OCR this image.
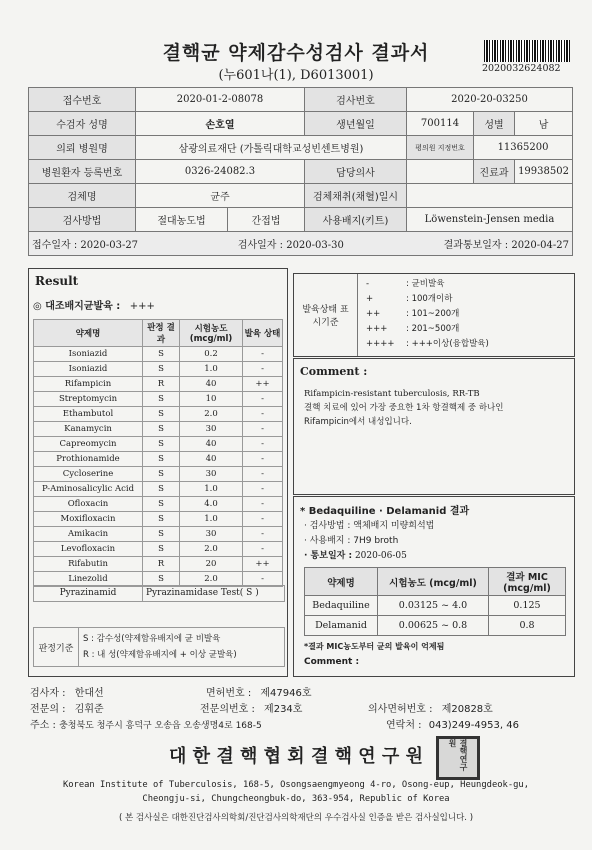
결핵균 약제감수성검사 결과서
(누601나(1), D6013001)	2020032624082
접수번호	2020-01-2-08078		검사번호	2020-20-03250		
수검자 성명	손호열		생년월일	700114	성별	남
의뢰 병원명	삼광의료재단 (가톨릭대학교성빈센트병원)			평의원 지정번호	11365200	
병원환자 등록번호	0326-24082.3		담당의사		진료과	19938502
검체명	균주		검체채취(채혈)일시			
검사방법	절대농도법	간접법	사용배지(키트)	Löwenstein-Jensen media		

접수일자 : 2020-03-27 검사일자 : 2020-03-30 결과통보일자 : 2020-04-27						
Result
◎ 대조배지균발육 : +++
약제명	판정 결과	시험농도 (mcg/ml)	발육 상태
Isoniazid	S	0.2	-
Isoniazid	S	1.0	-
Rifampicin	R	40	++
Streptomycin	S	10	-
Ethambutol	S	2.0	-
Kanamycin	S	30	-
Capreomycin	S	40	-
Prothionamide	S	40	-
Cycloserine	S	30	-
P-Aminosalicylic Acid	S	1.0	-
Ofloxacin	S	4.0	-
Moxifloxacin	S	1.0	-
Amikacin	S	30	-
Levofloxacin	S	2.0	-
Rifabutin	R	20	++
Linezolid	S	2.0	-
Pyrazinamid	Pyrazinamidase Test( S )
판정기준
S : 감수성(약제함유배지에 균 비발육
R : 내 성(약제함유배지에 + 이상 균발육)
발육상태 표시기준
-	: 균비발육
+	: 100개이하
++	: 101~200개
+++	: 201~500개
++++	: +++이상(융합발육)
Comment :
Rifampicin-resistant tuberculosis, RR-TB
결핵 치료에 있어 가장 중요한 1차 항결핵제 중 하나인
Rifampicin에서 내성입니다.
* Bedaquiline · Delamanid 결과
· 검사방법 : 액체배지 미량희석법
· 사용배지 : 7H9 broth
· 통보일자 : 2020-06-05
약제명	시험농도 (mcg/ml)	결과 MIC (mcg/ml)
Bedaquiline	0.03125 ~ 4.0	0.125
Delamanid	0.00625 ~ 0.8	0.8
*결과 MIC농도부터 균의 발육이 억제됨
Comment :
검사자 : 한대선	면허번호 : 제47946호
전문의 : 김휘준	전문의번호 : 제234호	의사면허번호 : 제20828호
주소 : 충청북도 청주시 흥덕구 오송읍 오송생명4로 168-5	연락처 : 043)249-4953, 46
대 한 결 핵 협 회 결 핵 연 구 원	결핵연구원
Korean Institute of Tuberculosis, 168-5, Osongsaengmyeong 4-ro, Osong-eup, Heungdeok-gu,
Cheongju-si, Chungcheongbuk-do, 363-954, Republic of Korea
( 본 검사실은 대한진단검사의학회/진단검사의학재단의 우수검사실 인증을 받은 검사실입니다. )
